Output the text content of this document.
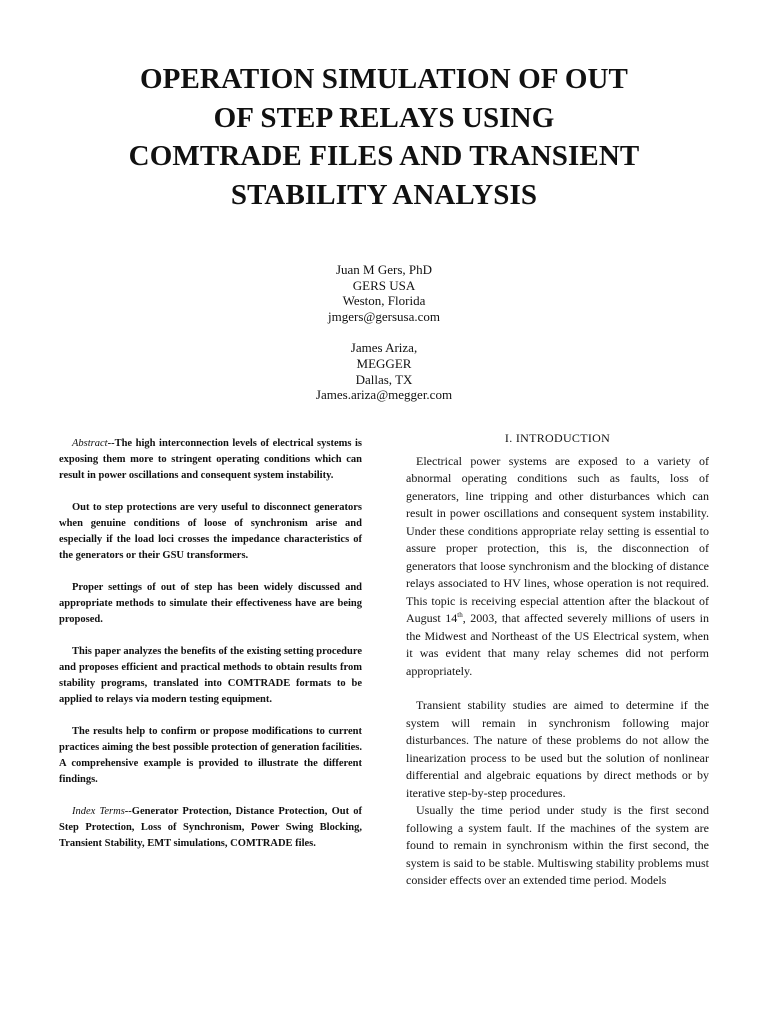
OPERATION SIMULATION OF OUT
OF STEP RELAYS USING
COMTRADE FILES AND TRANSIENT
STABILITY ANALYSIS
Juan M Gers, PhD
GERS USA
Weston, Florida
jmgers@gersusa.com
James Ariza,
MEGGER
Dallas, TX
James.ariza@megger.com

Abstract--The high interconnection levels of electrical systems is exposing them more to stringent operating conditions which can result in power oscillations and consequent system instability.

Out to step protections are very useful to disconnect generators when genuine conditions of loose of synchronism arise and especially if the load loci crosses the impedance characteristics of the generators or their GSU transformers.

Proper settings of out of step has been widely discussed and appropriate methods to simulate their effectiveness have are being proposed.

This paper analyzes the benefits of the existing setting procedure and proposes efficient and practical methods to obtain results from stability programs, translated into COMTRADE formats to be applied to relays via modern testing equipment.

The results help to confirm or propose modifications to current practices aiming the best possible protection of generation facilities. A comprehensive example is provided to illustrate the different findings.

Index Terms--Generator Protection, Distance Protection, Out of Step Protection, Loss of Synchronism, Power Swing Blocking, Transient Stability, EMT simulations, COMTRADE files.

I. INTRODUCTION

Electrical power systems are exposed to a variety of abnormal operating conditions such as faults, loss of generators, line tripping and other disturbances which can result in power oscillations and consequent system instability. Under these conditions appropriate relay setting is essential to assure proper protection, this is, the disconnection of generators that loose synchronism and the blocking of distance relays associated to HV lines, whose operation is not required. This topic is receiving especial attention after the blackout of August 14th, 2003, that affected severely millions of users in the Midwest and Northeast of the US Electrical system, when it was evident that many relay schemes did not perform appropriately.

Transient stability studies are aimed to determine if the system will remain in synchronism following major disturbances. The nature of these problems do not allow the linearization process to be used but the solution of nonlinear differential and algebraic equations by direct methods or by iterative step-by-step procedures.

Usually the time period under study is the first second following a system fault. If the machines of the system are found to remain in synchronism within the first second, the system is said to be stable. Multiswing stability problems must consider effects over an extended time period. Models
